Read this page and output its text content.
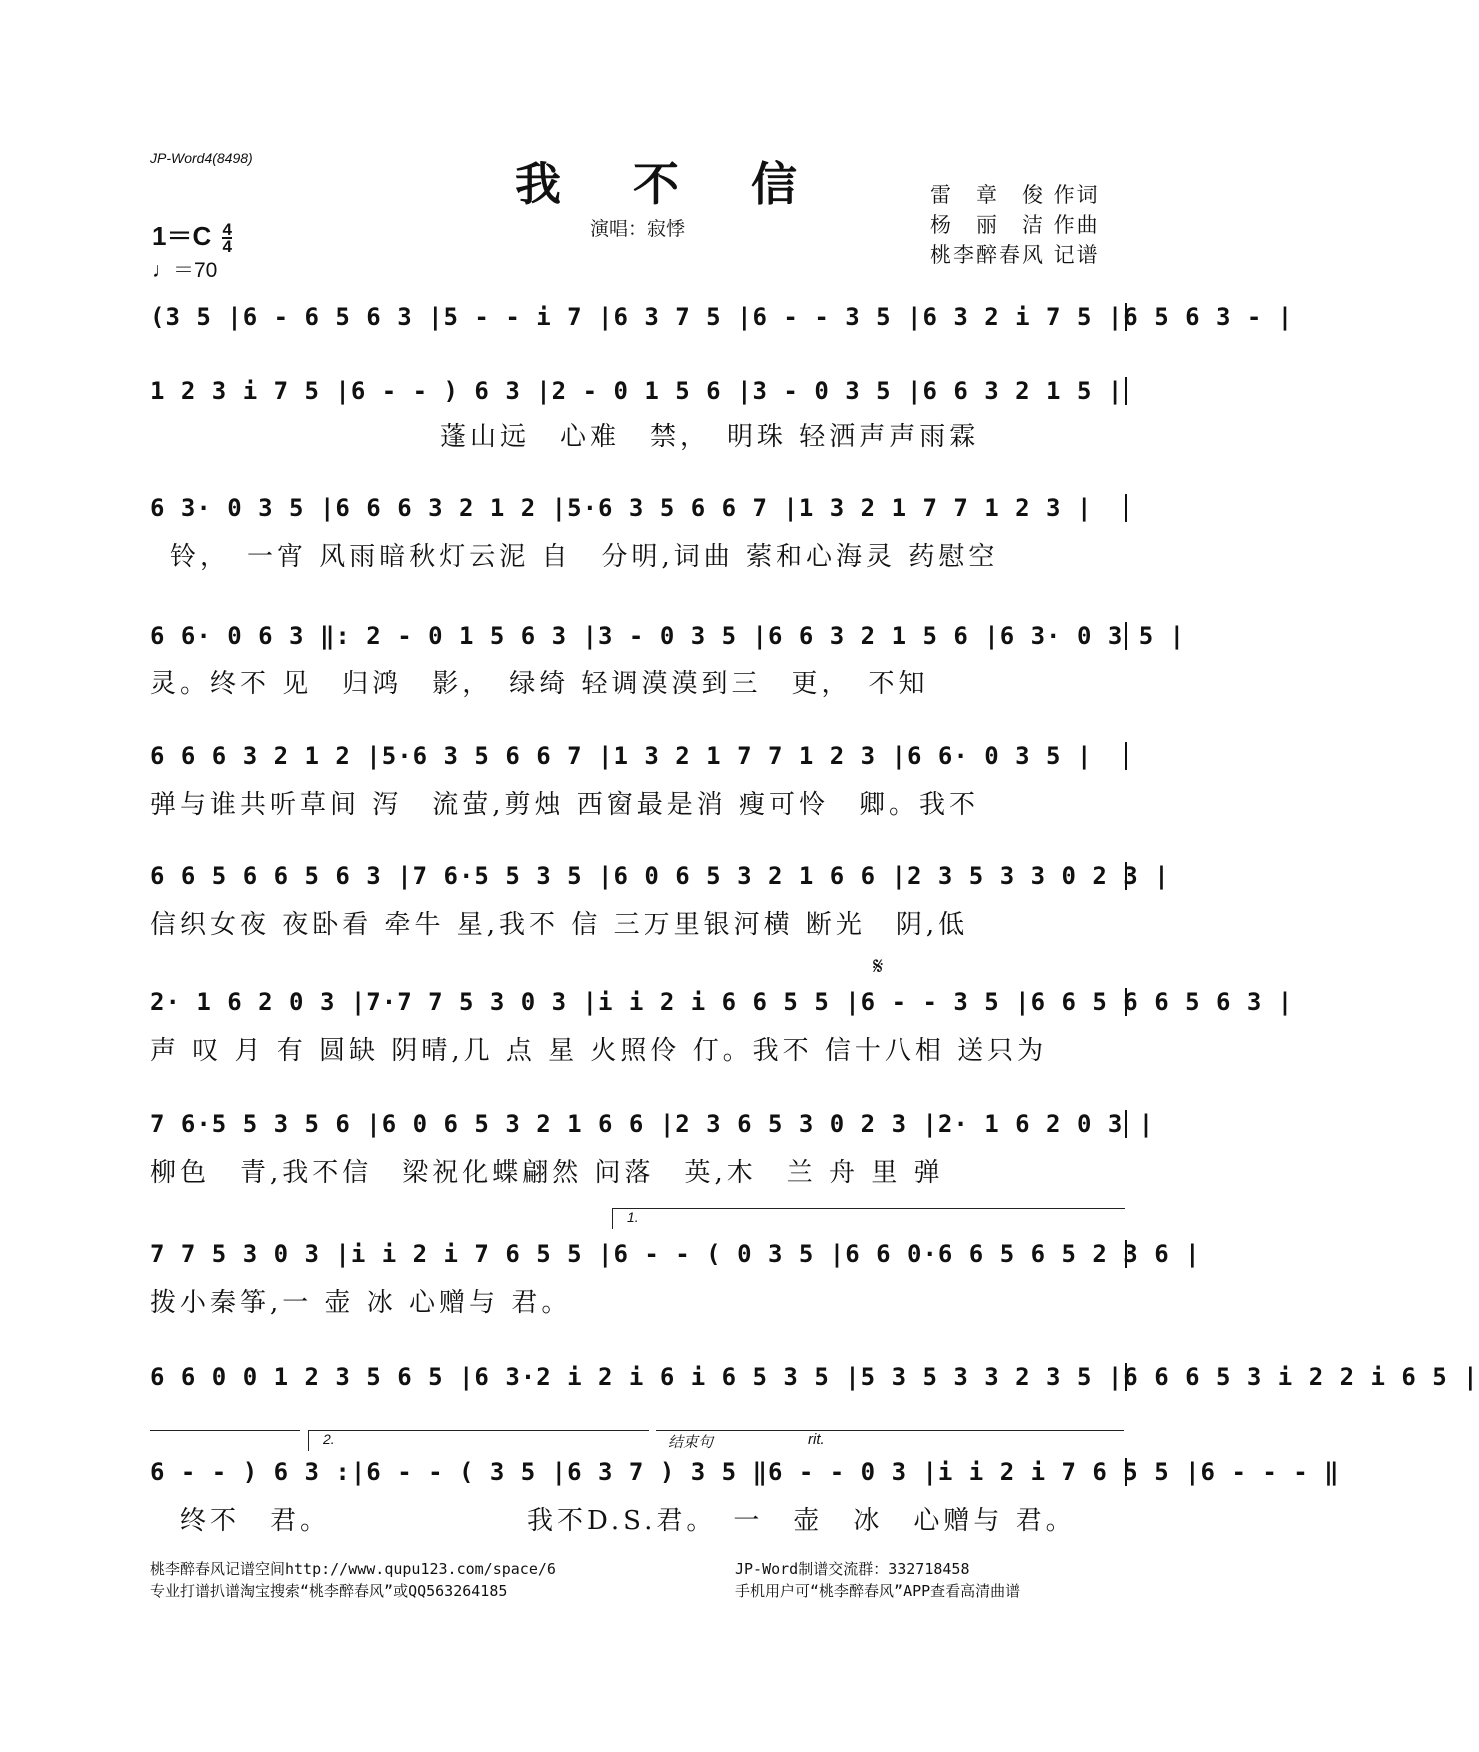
JP-Word4(8498)	我 不 信
演唱：寂悸
雷　章　俊 作词
杨　丽　洁 作曲
桃李醉春风 记谱
$1=C \frac{4}{4}$
♩＝70
(3 5 |6 - 6 5 6 3 |5 - - i 7 |6 3 7 5 |6 - - 3 5 |6 3 2 i 7 5 |6 5 6 3 - |
1 2 3 i 7 5 |6 - - ) 6 3 |2 - 0 1 5 6 |3 - 0 3 5 |6 6 3 2 1 5 |
蓬山远　心难　禁，　明珠 轻洒声声雨霖
6 3· 0 3 5 |6 6 6 3 2 1 2 |5·6 3 5 6 6 7 |1 3 2 1 7 7 1 2 3 |
铃，　一宵 风雨暗秋灯云泥 自　分明,词曲 萦和心海灵 药慰空
6 6· 0 6 3 ‖: 2 - 0 1 5 6 3 |3 - 0 3 5 |6 6 3 2 1 5 6 |6 3· 0 3 5 |
灵。终不 见　归鸿　影，　绿绮 轻调漠漠到三　更，　不知
6 6 6 3 2 1 2 |5·6 3 5 6 6 7 |1 3 2 1 7 7 1 2 3 |6 6· 0 3 5 |
弹与谁共听草间 泻　流萤,剪烛 西窗最是消 瘦可怜　卿。我不
6 6 5 6 6 5 6 3 |7 6·5 5 3 5 |6 0 6 5 3 2 1 6 6 |2 3 5 3 3 0 2 3 |
信织女夜 夜卧看 牵牛 星,我不 信 三万里银河横 断光　阴,低
𝄋
2· 1 6 2 0 3 |7·7 7 5 3 0 3 |i i 2 i 6 6 5 5 |6 - - 3 5 |6 6 5 6 6 5 6 3 |
声 叹 月 有 圆缺 阴晴,几 点 星 火照伶 仃。我不 信十八相 送只为
7 6·5 5 3 5 6 |6 0 6 5 3 2 1 6 6 |2 3 6 5 3 0 2 3 |2· 1 6 2 0 3 |
柳色　青,我不信　梁祝化蝶翩然 问落　英,木　兰 舟 里 弹
1.
7 7 5 3 0 3 |i i 2 i 7 6 5 5 |6 - - ( 0 3 5 |6 6 0·6 6 5 6 5 2 3 6 |
拨小秦筝,一 壶 冰 心赠与 君。
6 6 0 0 1 2 3 5 6 5 |6 3·2 i 2 i 6 i 6 5 3 5 |5 3 5 3 3 2 3 5 |6 6 6 5 3 i 2 2 i 6 5 |
2.	结束句	rit.
6 - - ) 6 3 :|6 - - ( 3 5 |6 3 7 ) 3 5 ‖6 - - 0 3 |i i 2 i 7 6 5 5 |6 - - - ‖
　终不　君。　　　　　　　我不D.S.君。　一　壶　冰　心赠与 君。
桃李醉春风记谱空间http://www.qupu123.com/space/6
专业打谱扒谱淘宝搜索“桃李醉春风”或QQ563264185
JP-Word制谱交流群：332718458
手机用户可“桃李醉春风”APP查看高清曲谱
